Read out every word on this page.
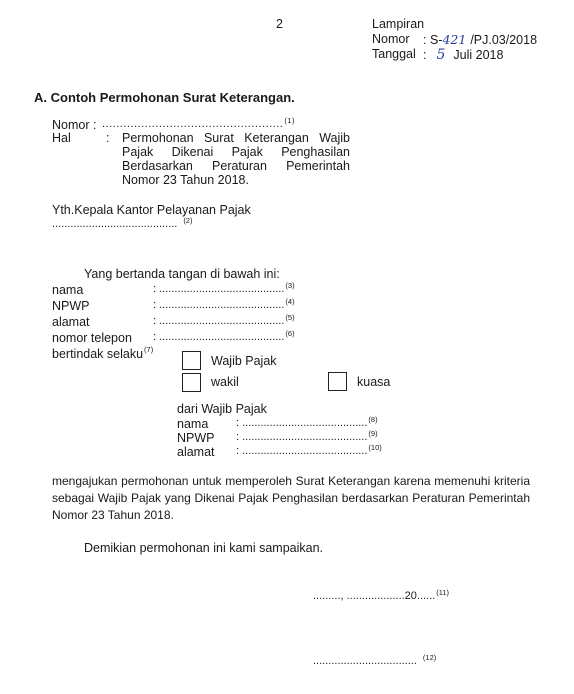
2	Lampiran
Nomor : S-421 /PJ.03/2018
Tanggal : 5 Juli 2018
A. Contoh Permohonan Surat Keterangan.
Nomor : ...................................................$^{(1)}$
Hal	: Permohonan Surat Keterangan Wajib
Pajak Dikenai Pajak Penghasilan
Berdasarkan Peraturan Pemerintah
Nomor 23 Tahun 2018.
Yth.Kepala Kantor Pelayanan Pajak
......................................... $^{(2)}$
Yang bertanda tangan di bawah ini:
nama	: .........................................$^{(3)}$
NPWP	: .........................................$^{(4)}$
alamat	: .........................................$^{(5)}$
nomor telepon : .........................................$^{(6)}$
bertindak selaku$^{(7)}$
Wajib Pajak
wakil	kuasa
dari Wajib Pajak
nama	: .........................................$^{(8)}$
NPWP : .........................................$^{(9)}$
alamat : .........................................$^{(10)}$
mengajukan permohonan untuk memperoleh Surat Keterangan karena memenuhi kriteria
sebagai Wajib Pajak yang Dikenai Pajak Penghasilan berdasarkan Peraturan Pemerintah
Nomor 23 Tahun 2018.
Demikian permohonan ini kami sampaikan.
........., ...................20......$^{(11)}$
.................................. $^{(12)}$
